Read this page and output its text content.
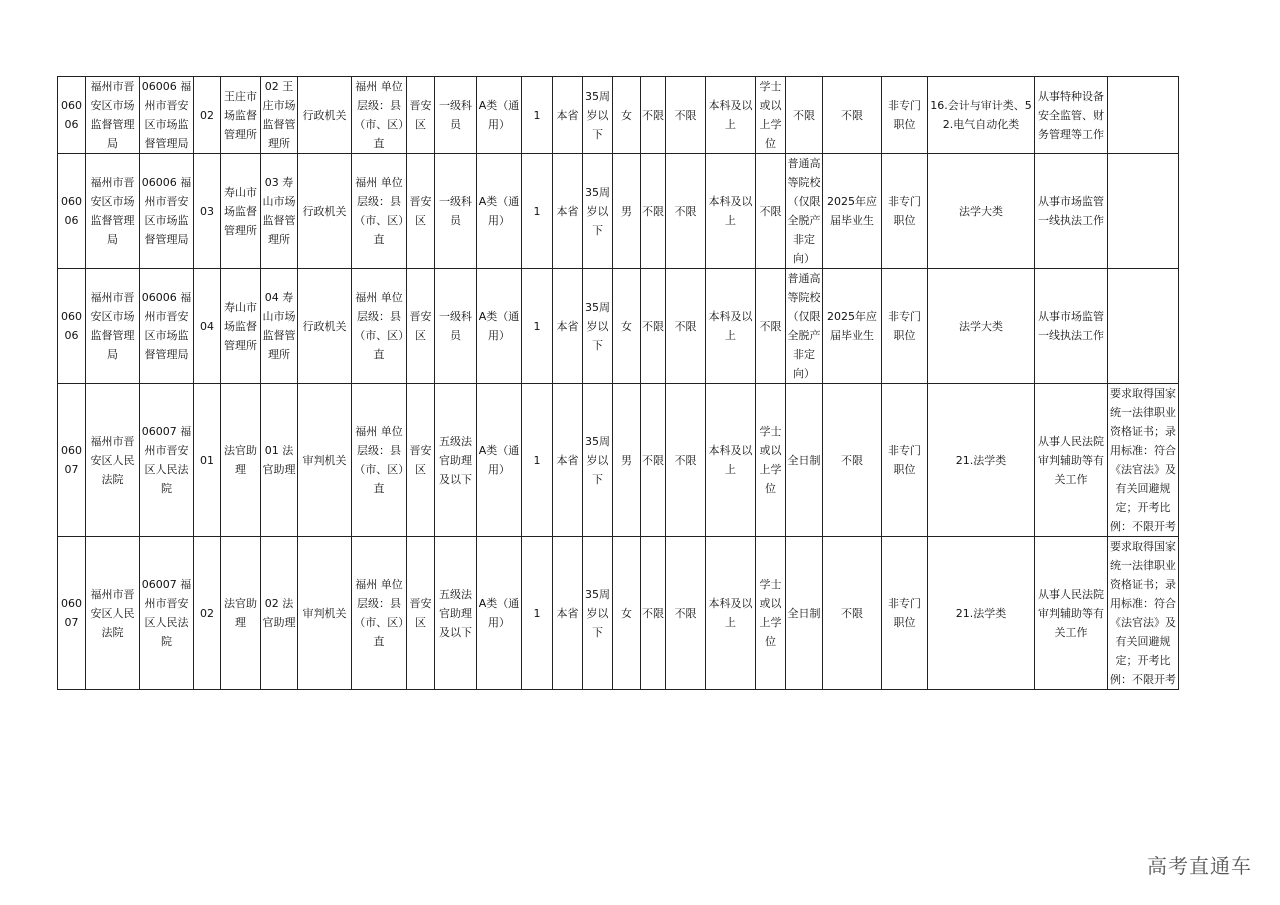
06006	福州市晋安区市场监督管理局	06006 福州市晋安区市场监督管理局	02	王庄市场监督管理所	02 王庄市场监督管理所	行政机关	福州 单位层级：县（市、区）直	晋安区	一级科员	A类（通用）	1	本省	35周岁以下	女	不限	不限	本科及以上	学士或以上学位	不限	不限	非专门职位	16.会计与审计类、52.电气自动化类	从事特种设备安全监管、财务管理等工作	
06006	福州市晋安区市场监督管理局	06006 福州市晋安区市场监督管理局	03	寿山市场监督管理所	03 寿山市场监督管理所	行政机关	福州 单位层级：县（市、区）直	晋安区	一级科员	A类（通用）	1	本省	35周岁以下	男	不限	不限	本科及以上	不限	普通高等院校（仅限全脱产非定向）	2025年应届毕业生	非专门职位	法学大类	从事市场监管一线执法工作	
06006	福州市晋安区市场监督管理局	06006 福州市晋安区市场监督管理局	04	寿山市场监督管理所	04 寿山市场监督管理所	行政机关	福州 单位层级：县（市、区）直	晋安区	一级科员	A类（通用）	1	本省	35周岁以下	女	不限	不限	本科及以上	不限	普通高等院校（仅限全脱产非定向）	2025年应届毕业生	非专门职位	法学大类	从事市场监管一线执法工作	
06007	福州市晋安区人民法院	06007 福州市晋安区人民法院	01	法官助理	01 法官助理	审判机关	福州 单位层级：县（市、区）直	晋安区	五级法官助理及以下	A类（通用）	1	本省	35周岁以下	男	不限	不限	本科及以上	学士或以上学位	全日制	不限	非专门职位	21.法学类	从事人民法院审判辅助等有关工作	要求取得国家统一法律职业资格证书；录用标准：符合《法官法》及有关回避规定；开考比例：不限开考
06007	福州市晋安区人民法院	06007 福州市晋安区人民法院	02	法官助理	02 法官助理	审判机关	福州 单位层级：县（市、区）直	晋安区	五级法官助理及以下	A类（通用）	1	本省	35周岁以下	女	不限	不限	本科及以上	学士或以上学位	全日制	不限	非专门职位	21.法学类	从事人民法院审判辅助等有关工作	要求取得国家统一法律职业资格证书；录用标准：符合《法官法》及有关回避规定；开考比例：不限开考
高考直通车
